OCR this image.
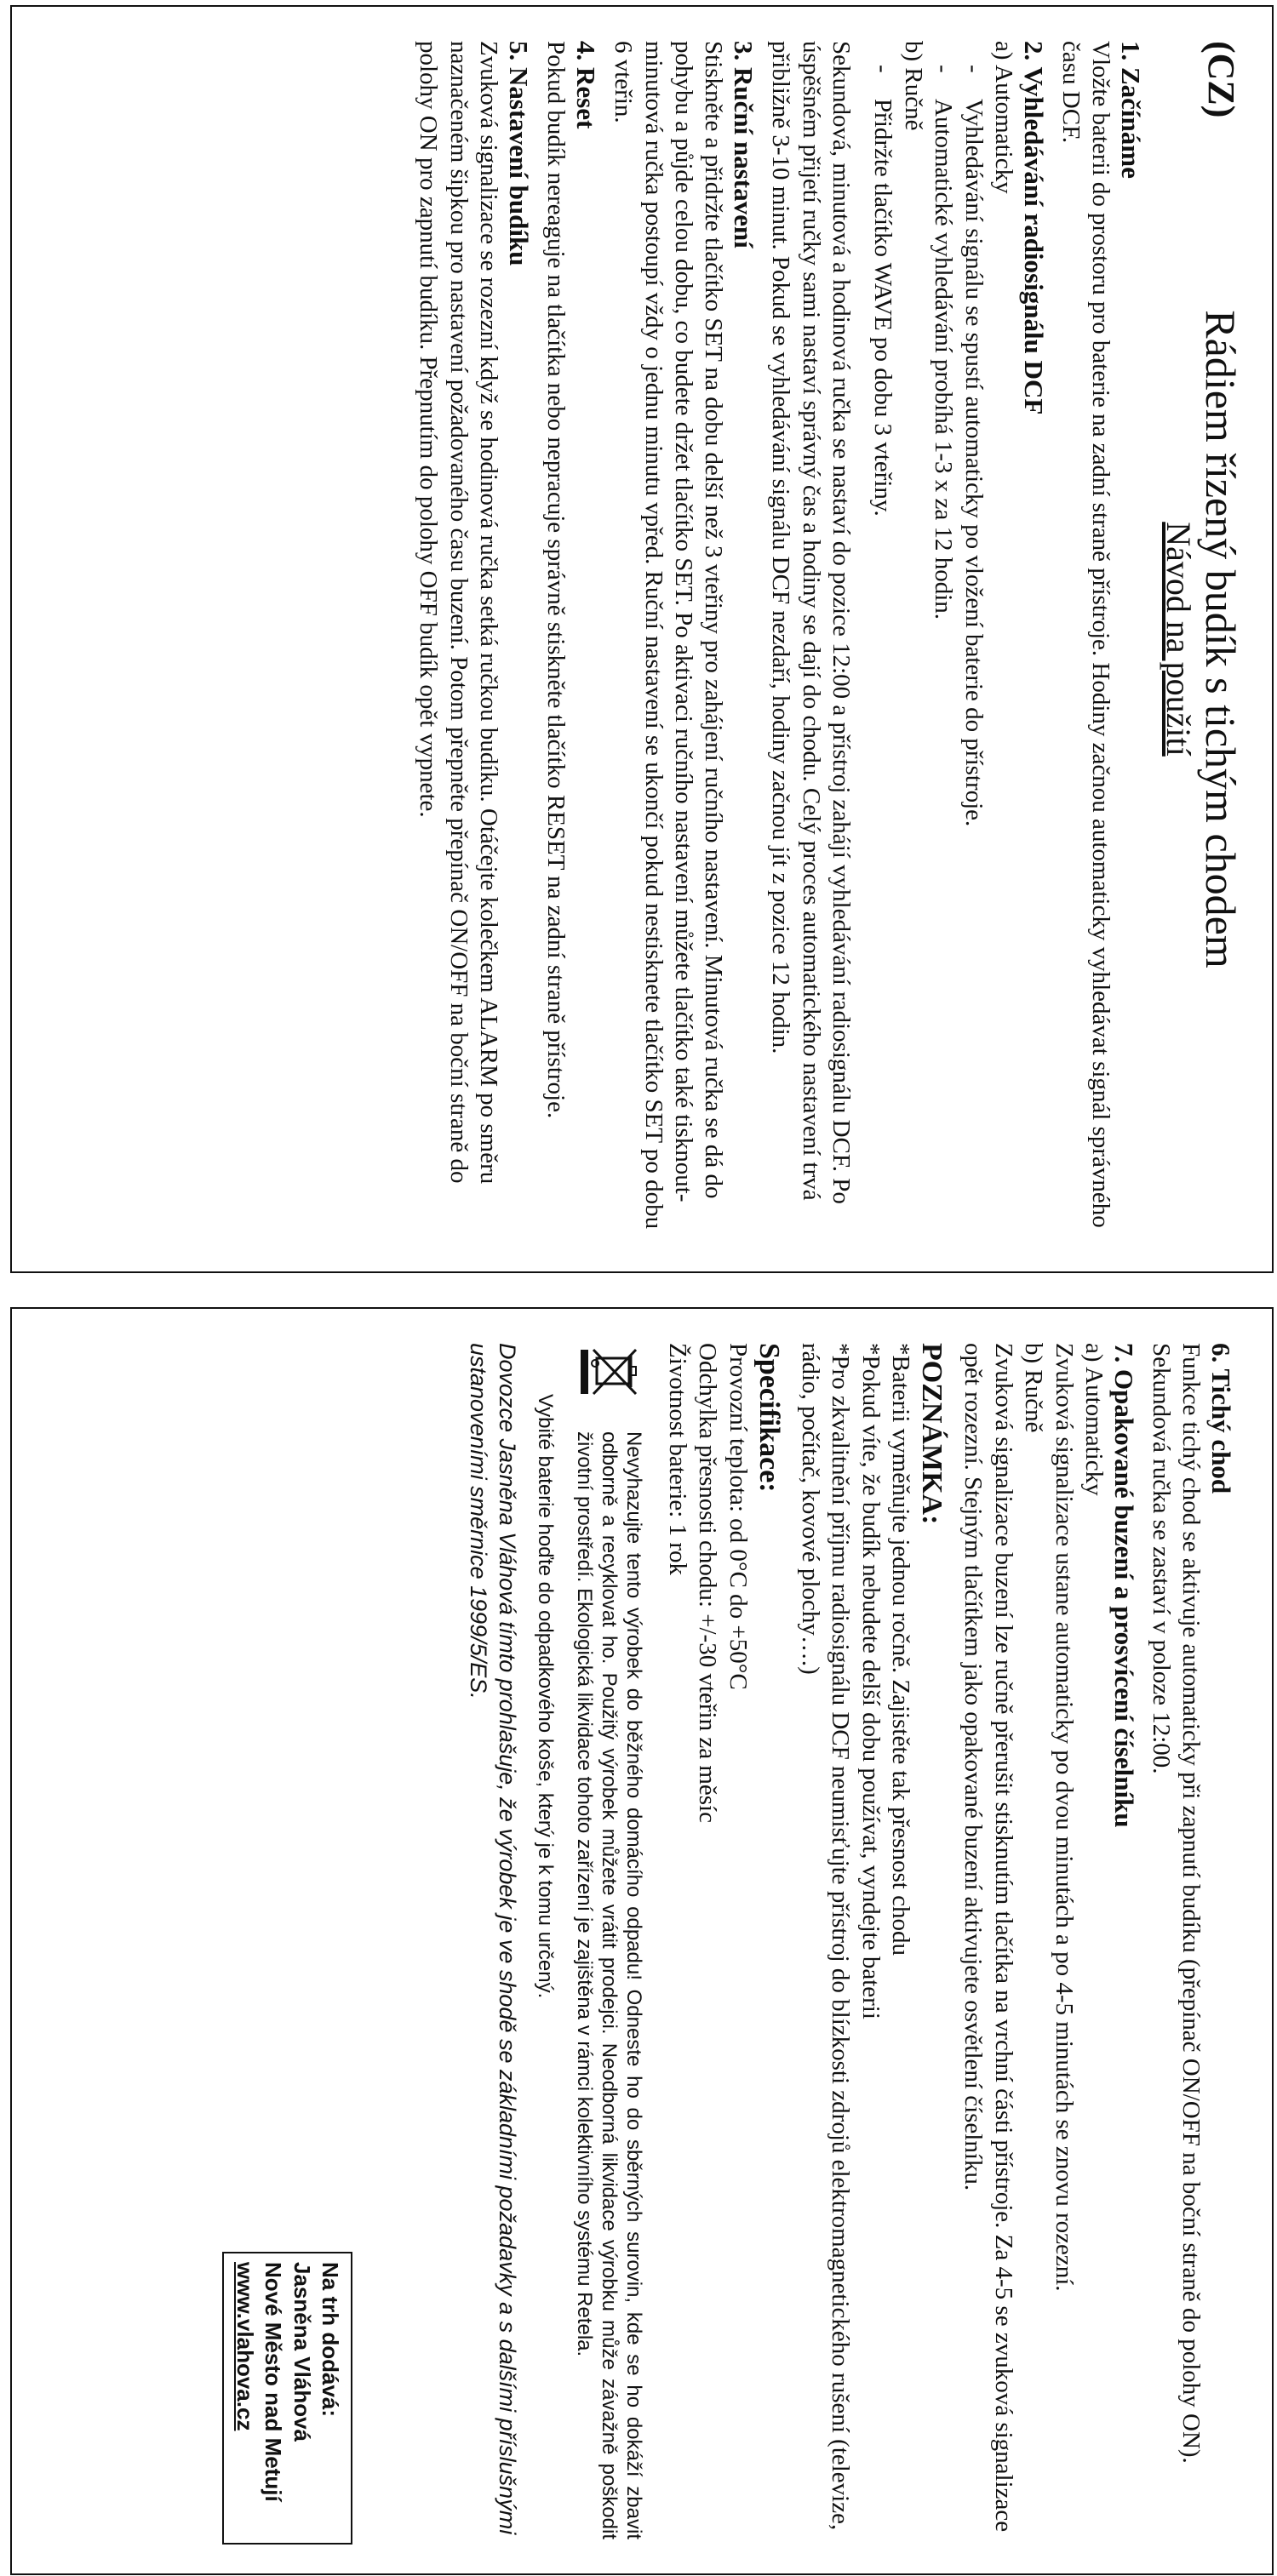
(CZ)
Rádiem řízený budík s tichým chodem
Návod na použití
1. Začínáme
Vložte baterii do prostoru pro baterie na zadní straně přístroje. Hodiny začnou automaticky vyhledávat signál správného času DCF.
2. Vyhledávání radiosignálu DCF
a) Automaticky
-Vyhledávání signálu se spustí automaticky po vložení baterie do přístroje.
-Automatické vyhledávání probíhá 1-3 x za 12 hodin.
b) Ručně
-Přidržte tlačítko WAVE po dobu 3 vteřiny.
Sekundová, minutová a hodinová ručka se nastaví do pozice 12:00 a přístroj zahájí vyhledávání radiosignálu DCF. Po úspěšném přijetí ručky sami nastaví správný čas a hodiny se dají do chodu. Celý proces automatického nastavení trvá přibližně 3-10 minut. Pokud se vyhledávání signálu DCF nezdaří, hodiny začnou jít z pozice 12 hodin.
3. Ruční nastavení
Stiskněte a přidržte tlačítko SET na dobu delší než 3 vteřiny pro zahájení ručního nastavení. Minutová ručka se dá do pohybu a půjde celou dobu, co budete držet tlačítko SET. Po aktivaci ručního nastavení můžete tlačítko také tisknout- minutová ručka postoupí vždy o jednu minutu vpřed. Ruční nastavení se ukončí pokud nestisknete tlačítko SET po dobu 6 vteřin.
4. Reset
Pokud budík nereaguje na tlačítka nebo nepracuje správně stiskněte tlačítko RESET na zadní straně přístroje.
5. Nastavení budíku
Zvuková signalizace se rozezní když se hodinová ručka setká ručkou budíku. Otáčejte kolečkem ALARM po směru naznačeném šipkou pro nastavení požadovaného času buzení. Potom přepněte přepínač ON/OFF na boční straně do polohy ON pro zapnutí budíku. Přepnutím do polohy OFF budík opět vypnete.
6. Tichý chod
Funkce tichý chod se aktivuje automaticky při zapnutí budíku (přepínač ON/OFF na boční straně do polohy ON). Sekundová ručka se zastaví v poloze 12:00.
7. Opakované buzení a prosvícení číselníku
a) Automaticky
Zvuková signalizace ustane automaticky po dvou minutách a po 4-5 minutách se znovu rozezní.
b) Ručně
Zvuková signalizace buzení lze ručně přerušit stisknutím tlačítka na vrchní části přístroje. Za 4-5 se zvuková signalizace opět rozezní. Stejným tlačítkem jako opakované buzení aktivujete osvětlení číselníku.
POZNÁMKA:
*Baterii vyměňujte jednou ročně. Zajistěte tak přesnost chodu
*Pokud víte, že budík nebudete delší dobu používat, vyndejte baterii
*Pro zkvalitnění příjmu radiosignálu DCF neumisťujte přístroj do blízkosti zdrojů elektromagnetického rušení (televize, rádio, počítač, kovové plochy….)
Specifikace:
Provozní teplota: od 0°C do +50°C
Odchylka přesnosti chodu: +/-30 vteřin za měsíc
Životnost baterie: 1 rok
Nevyhazujte tento výrobek do běžného domácího odpadu! Odneste ho do sběrných surovin, kde se ho dokáží zbavit odborně a recyklovat ho. Použitý výrobek můžete vrátit prodejci. Neodborná likvidace výrobku může závažně poškodit životní prostředí. Ekologická likvidace tohoto zařízení je zajištěna v rámci kolektivního systému Retela.
Vybité baterie hoďte do odpadkového koše, který je k tomu určený.
Dovozce Jasněna Vláhová tímto prohlašuje, že výrobek je ve shodě se základními požadavky a s dalšími příslušnými ustanoveními směrnice 1999/5/ES.
Na trh dodává:
Jasněna Vláhová
Nové Město nad Metují
www.vlahova.cz
